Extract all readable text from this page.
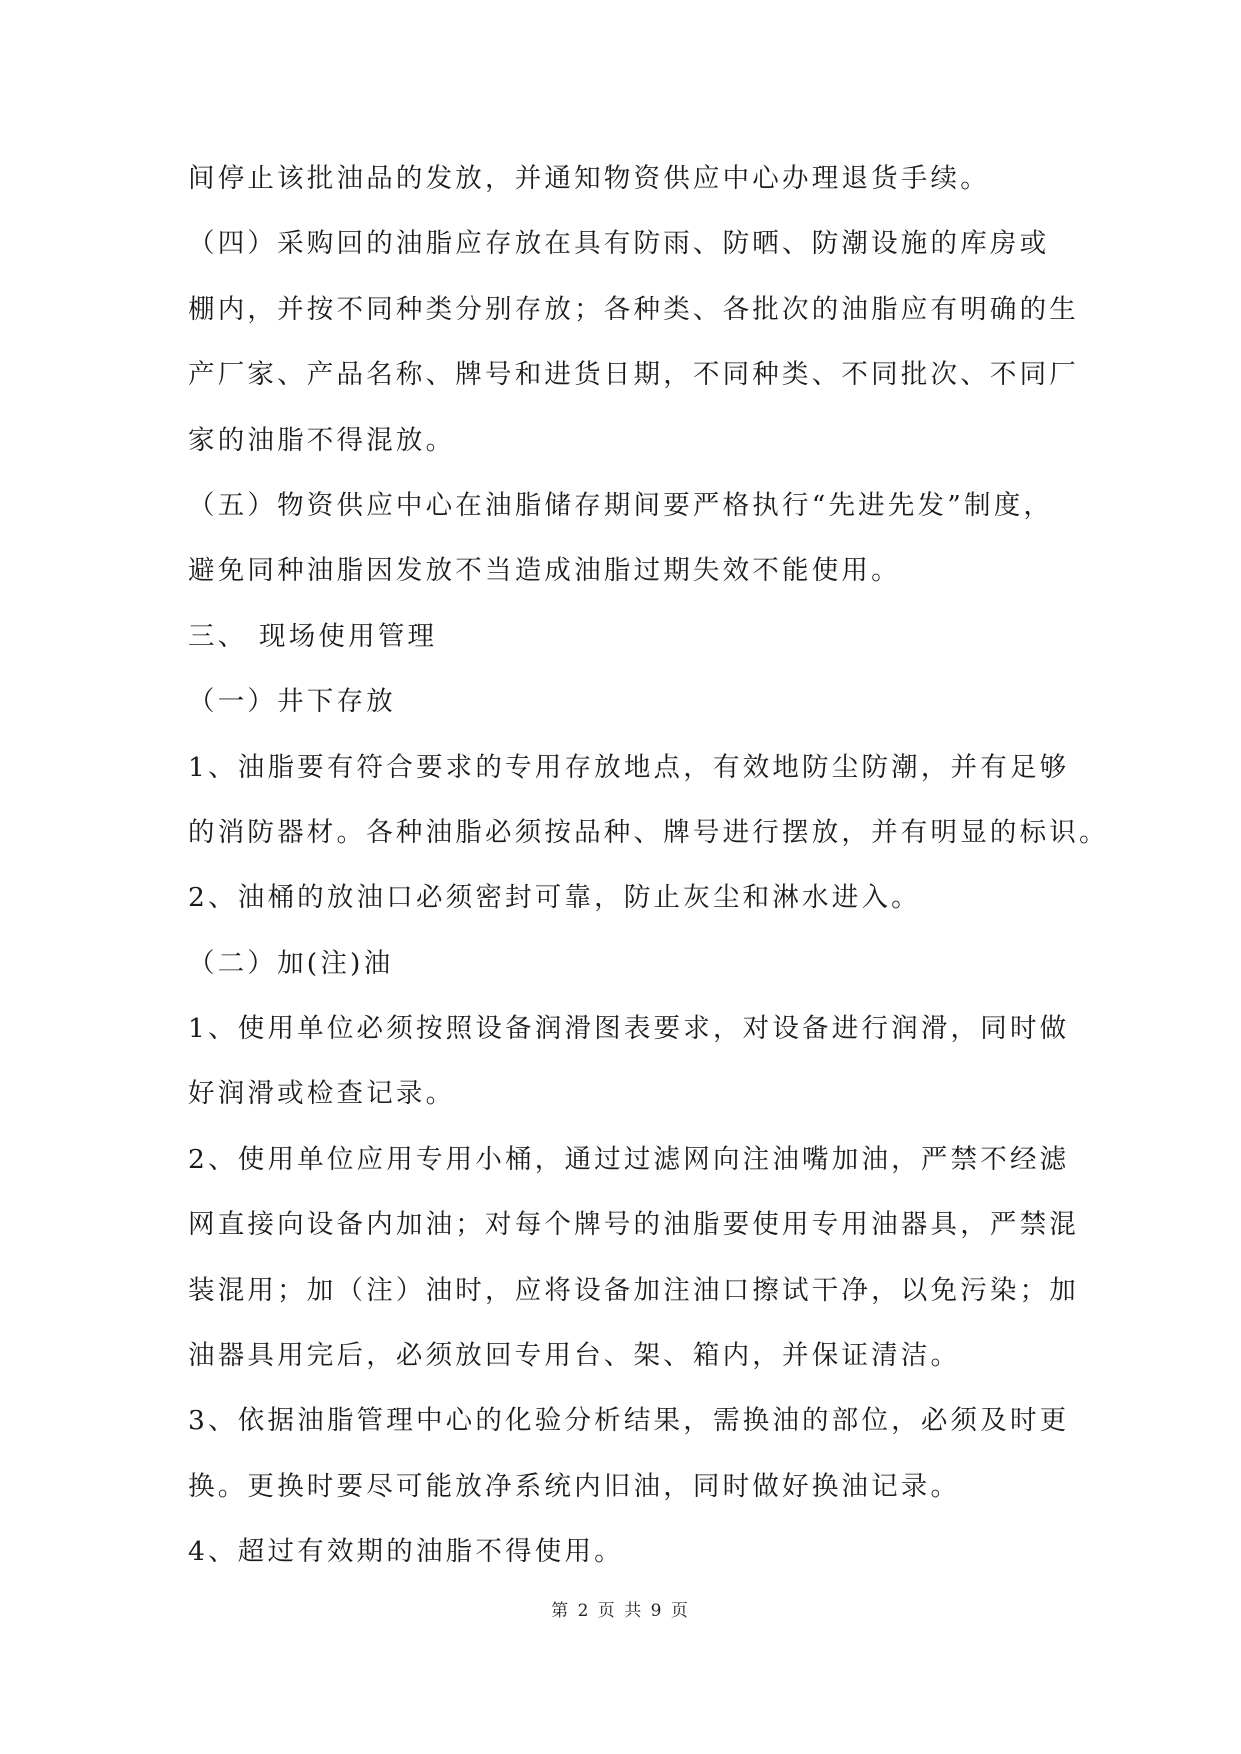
间停止该批油品的发放，并通知物资供应中心办理退货手续。
（四）采购回的油脂应存放在具有防雨、防晒、防潮设施的库房或
棚内，并按不同种类分别存放；各种类、各批次的油脂应有明确的生
产厂家、产品名称、牌号和进货日期，不同种类、不同批次、不同厂
家的油脂不得混放。
（五）物资供应中心在油脂储存期间要严格执行“先进先发”制度，
避免同种油脂因发放不当造成油脂过期失效不能使用。
三、 现场使用管理
（一）井下存放
1、油脂要有符合要求的专用存放地点，有效地防尘防潮，并有足够
的消防器材。各种油脂必须按品种、牌号进行摆放，并有明显的标识。
2、油桶的放油口必须密封可靠，防止灰尘和淋水进入。
（二）加(注)油
1、使用单位必须按照设备润滑图表要求，对设备进行润滑，同时做
好润滑或检查记录。
2、使用单位应用专用小桶，通过过滤网向注油嘴加油，严禁不经滤
网直接向设备内加油；对每个牌号的油脂要使用专用油器具，严禁混
装混用；加（注）油时，应将设备加注油口擦试干净，以免污染；加
油器具用完后，必须放回专用台、架、箱内，并保证清洁。
3、依据油脂管理中心的化验分析结果，需换油的部位，必须及时更
换。更换时要尽可能放净系统内旧油，同时做好换油记录。
4、超过有效期的油脂不得使用。
第 2 页 共 9 页
